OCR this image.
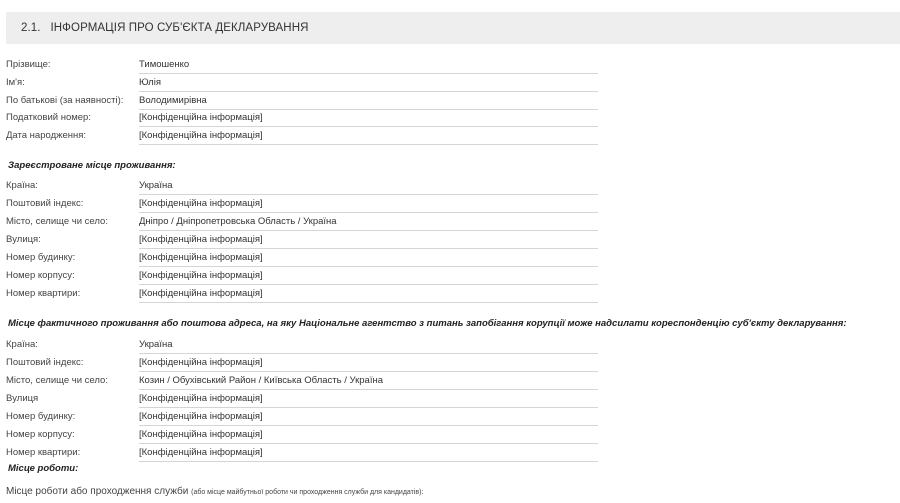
2.1. ІНФОРМАЦІЯ ПРО СУБ'ЄКТА ДЕКЛАРУВАННЯ
Прізвище:	Тимошенко
Ім'я:	Юлія
По батькові (за наявності): Володимирівна
Податковий номер:	[Конфіденційна інформація]
Дата народження:	[Конфіденційна інформація]
Зареєстроване місце проживання:
Країна:	Україна
Поштовий індекс:	[Конфіденційна інформація]
Місто, селище чи село:	Дніпро / Дніпропетровська Область / Україна
Вулиця:	[Конфіденційна інформація]
Номер будинку:	[Конфіденційна інформація]
Номер корпусу:	[Конфіденційна інформація]
Номер квартири:	[Конфіденційна інформація]
Місце фактичного проживання або поштова адреса, на яку Національне агентство з питань запобігання корупції може надсилати кореспонденцію суб'єкту декларування:
Країна:	Україна
Поштовий індекс:	[Конфіденційна інформація]
Місто, селище чи село:	Козин / Обухівський Район / Київська Область / Україна
Вулиця	[Конфіденційна інформація]
Номер будинку:	[Конфіденційна інформація]
Номер корпусу:	[Конфіденційна інформація]
Номер квартири:	[Конфіденційна інформація]
Місце роботи:
Місце роботи або проходження служби (або місце майбутньої роботи чи проходження служби для кандидатів):
